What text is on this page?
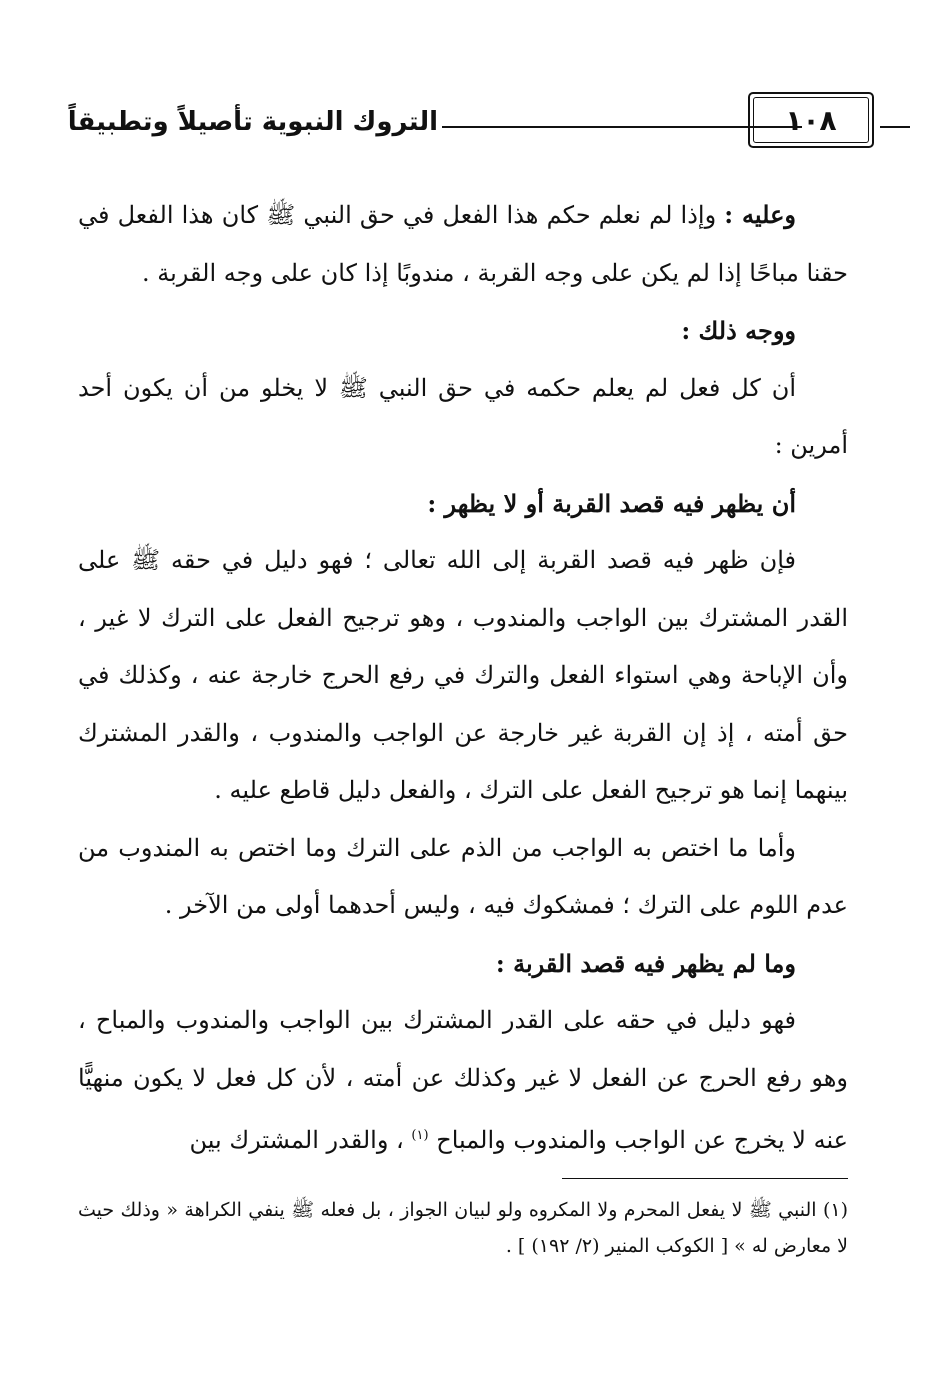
التروك النبوية تأصيلاً وتطبيقاً	١٠٨

وعليه : وإذا لم نعلم حكم هذا الفعل في حق النبي ﷺ كان هذا الفعل في حقنا مباحًا إذا لم يكن على وجه القربة ، مندوبًا إذا كان على وجه القربة .

ووجه ذلك :

أن كل فعل لم يعلم حكمه في حق النبي ﷺ لا يخلو من أن يكون أحد أمرين :

أن يظهر فيه قصد القربة أو لا يظهر :

فإن ظهر فيه قصد القربة إلى الله تعالى ؛ فهو دليل في حقه ﷺ على القدر المشترك بين الواجب والمندوب ، وهو ترجيح الفعل على الترك لا غير ، وأن الإباحة وهي استواء الفعل والترك في رفع الحرج خارجة عنه ، وكذلك في حق أمته ، إذ إن القربة غير خارجة عن الواجب والمندوب ، والقدر المشترك بينهما إنما هو ترجيح الفعل على الترك ، والفعل دليل قاطع عليه .

وأما ما اختص به الواجب من الذم على الترك وما اختص به المندوب من عدم اللوم على الترك ؛ فمشكوك فيه ، وليس أحدهما أولى من الآخر .

وما لم يظهر فيه قصد القربة :

فهو دليل في حقه على القدر المشترك بين الواجب والمندوب والمباح ، وهو رفع الحرج عن الفعل لا غير وكذلك عن أمته ، لأن كل فعل لا يكون منهيًّا عنه لا يخرج عن الواجب والمندوب والمباح $^{(١)}$ ، والقدر المشترك بين

(١) النبي ﷺ لا يفعل المحرم ولا المكروه ولو لبيان الجواز ، بل فعله ﷺ ينفي الكراهة « وذلك حيث لا معارض له » [ الكوكب المنير (٢/ ١٩٢) ] .
